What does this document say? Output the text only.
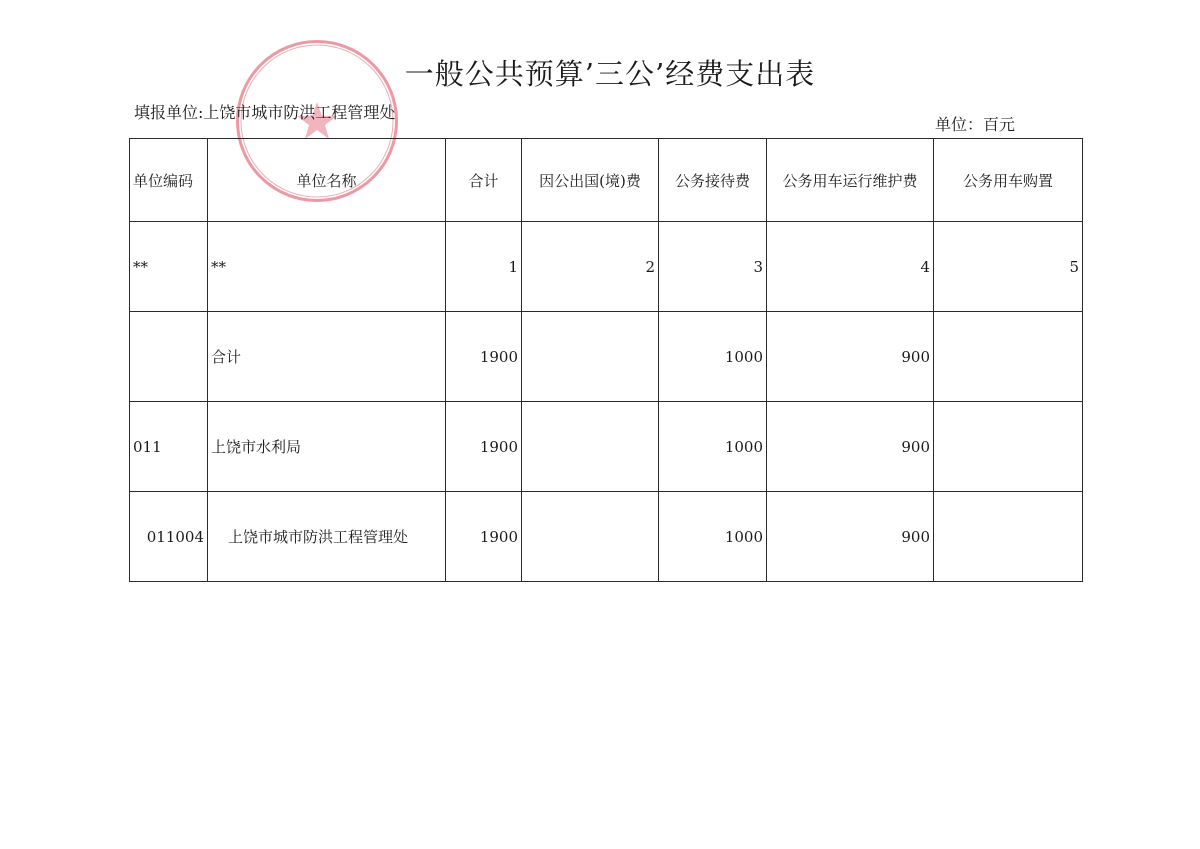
一般公共预算’三公’经费支出表
填报单位:上饶市城市防洪工程管理处
单位：百元
单位编码	单位名称	合计	因公出国(境)费	公务接待费	公务用车运行维护费	公务用车购置
**	**	1	2	3	4	5
	合计	1900		1000	900	
011	上饶市水利局	1900		1000	900	
011004	上饶市城市防洪工程管理处	1900		1000	900	
